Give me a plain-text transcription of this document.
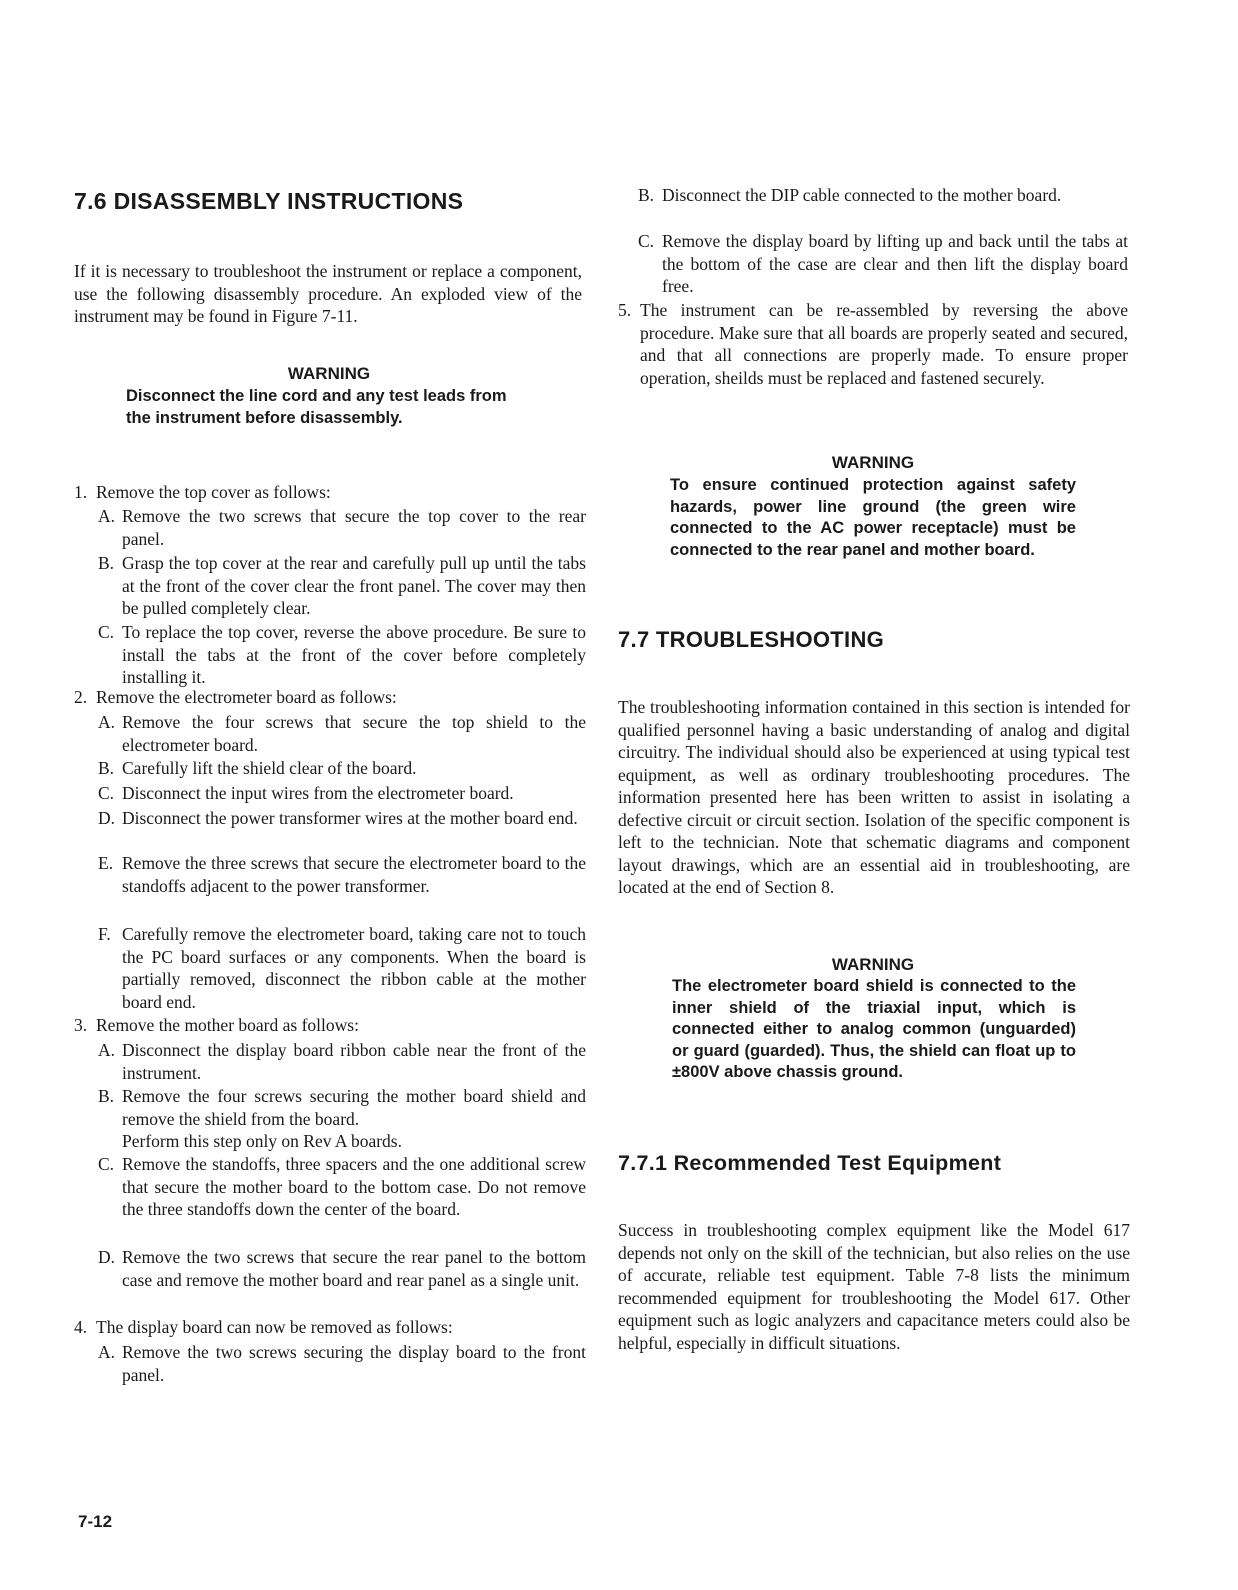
7.6 DISASSEMBLY INSTRUCTIONS

If it is necessary to troubleshoot the instrument or replace a component, use the following disassembly procedure. An exploded view of the instrument may be found in Figure 7-11.

WARNING

Disconnect the line cord and any test leads from the instrument before disassembly.

1. Remove the top cover as follows:
A. Remove the two screws that secure the top cover to the rear panel.
B. Grasp the top cover at the rear and carefully pull up until the tabs at the front of the cover clear the front panel. The cover may then be pulled completely clear.
C. To replace the top cover, reverse the above procedure. Be sure to install the tabs at the front of the cover before completely installing it.
2. Remove the electrometer board as follows:
A. Remove the four screws that secure the top shield to the electrometer board.
B. Carefully lift the shield clear of the board.
C. Disconnect the input wires from the electrometer board.
D. Disconnect the power transformer wires at the mother board end.
E. Remove the three screws that secure the electrometer board to the standoffs adjacent to the power transformer.
F. Carefully remove the electrometer board, taking care not to touch the PC board surfaces or any components. When the board is partially removed, disconnect the ribbon cable at the mother board end.
3. Remove the mother board as follows:
A. Disconnect the display board ribbon cable near the front of the instrument.
B. Remove the four screws securing the mother board shield and remove the shield from the board.
Perform this step only on Rev A boards.
C. Remove the standoffs, three spacers and the one additional screw that secure the mother board to the bottom case. Do not remove the three standoffs down the center of the board.
D. Remove the two screws that secure the rear panel to the bottom case and remove the mother board and rear panel as a single unit.
4. The display board can now be removed as follows:
A. Remove the two screws securing the display board to the front panel.
B. Disconnect the DIP cable connected to the mother board.
C. Remove the display board by lifting up and back until the tabs at the bottom of the case are clear and then lift the display board free.
5. The instrument can be re-assembled by reversing the above procedure. Make sure that all boards are properly seated and secured, and that all connections are properly made. To ensure proper operation, sheilds must be replaced and fastened securely.

WARNING

To ensure continued protection against safety hazards, power line ground (the green wire connected to the AC power receptacle) must be connected to the rear panel and mother board.

7.7 TROUBLESHOOTING

The troubleshooting information contained in this section is intended for qualified personnel having a basic understanding of analog and digital circuitry. The individual should also be experienced at using typical test equipment, as well as ordinary troubleshooting procedures. The information presented here has been written to assist in isolating a defective circuit or circuit section. Isolation of the specific component is left to the technician. Note that schematic diagrams and component layout drawings, which are an essential aid in troubleshooting, are located at the end of Section 8.

WARNING

The electrometer board shield is connected to the inner shield of the triaxial input, which is connected either to analog common (unguarded) or guard (guarded). Thus, the shield can float up to ±800V above chassis ground.

7.7.1 Recommended Test Equipment

Success in troubleshooting complex equipment like the Model 617 depends not only on the skill of the technician, but also relies on the use of accurate, reliable test equipment. Table 7-8 lists the minimum recommended equipment for troubleshooting the Model 617. Other equipment such as logic analyzers and capacitance meters could also be helpful, especially in difficult situations.

7-12
